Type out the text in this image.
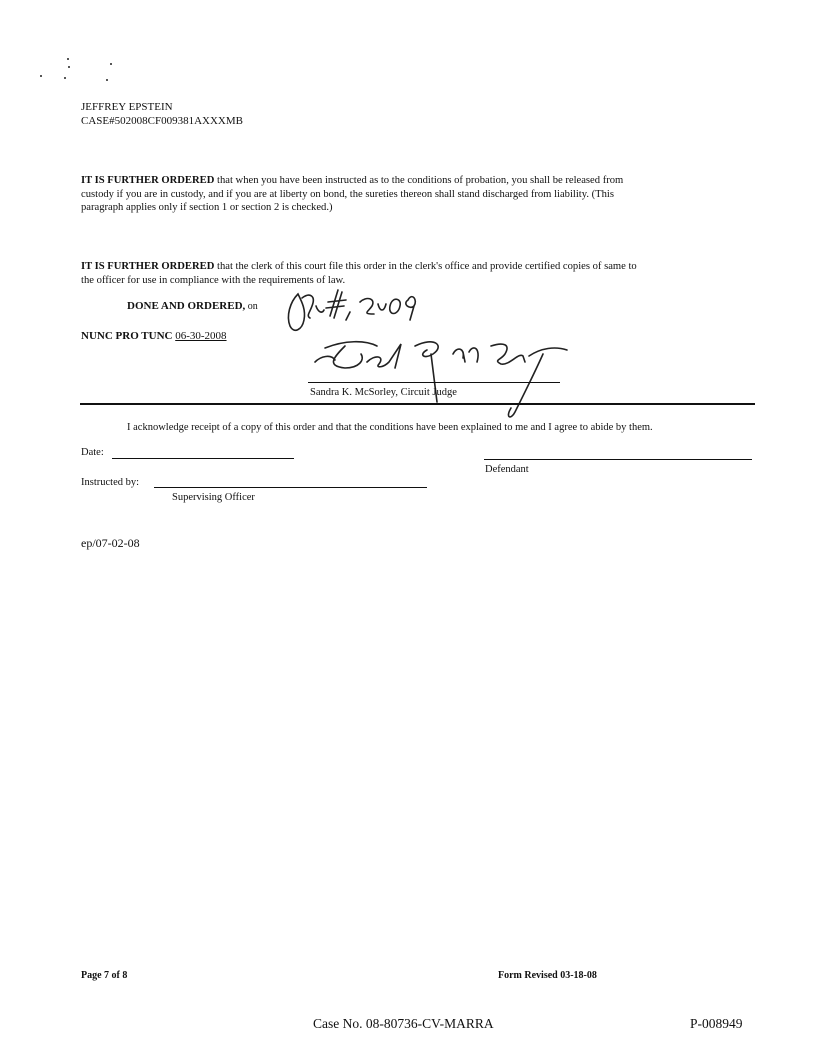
JEFFREY EPSTEIN
CASE#502008CF009381AXXXMB
IT IS FURTHER ORDERED that when you have been instructed as to the conditions of probation, you shall be released from
custody if you are in custody, and if you are at liberty on bond, the sureties thereon shall stand discharged from liability. (This
paragraph applies only if section 1 or section 2 is checked.)
IT IS FURTHER ORDERED that the clerk of this court file this order in the clerk's office and provide certified copies of same to
the officer for use in compliance with the requirements of law.
DONE AND ORDERED, on
NUNC PRO TUNC 06-30-2008
Sandra K. McSorley, Circuit Judge
I acknowledge receipt of a copy of this order and that the conditions have been explained to me and I agree to abide by them.
Date:
Defendant
Instructed by:
Supervising Officer
ep/07-02-08
Page 7 of 8	Form Revised 03-18-08
Case No. 08-80736-CV-MARRA	P-008949
